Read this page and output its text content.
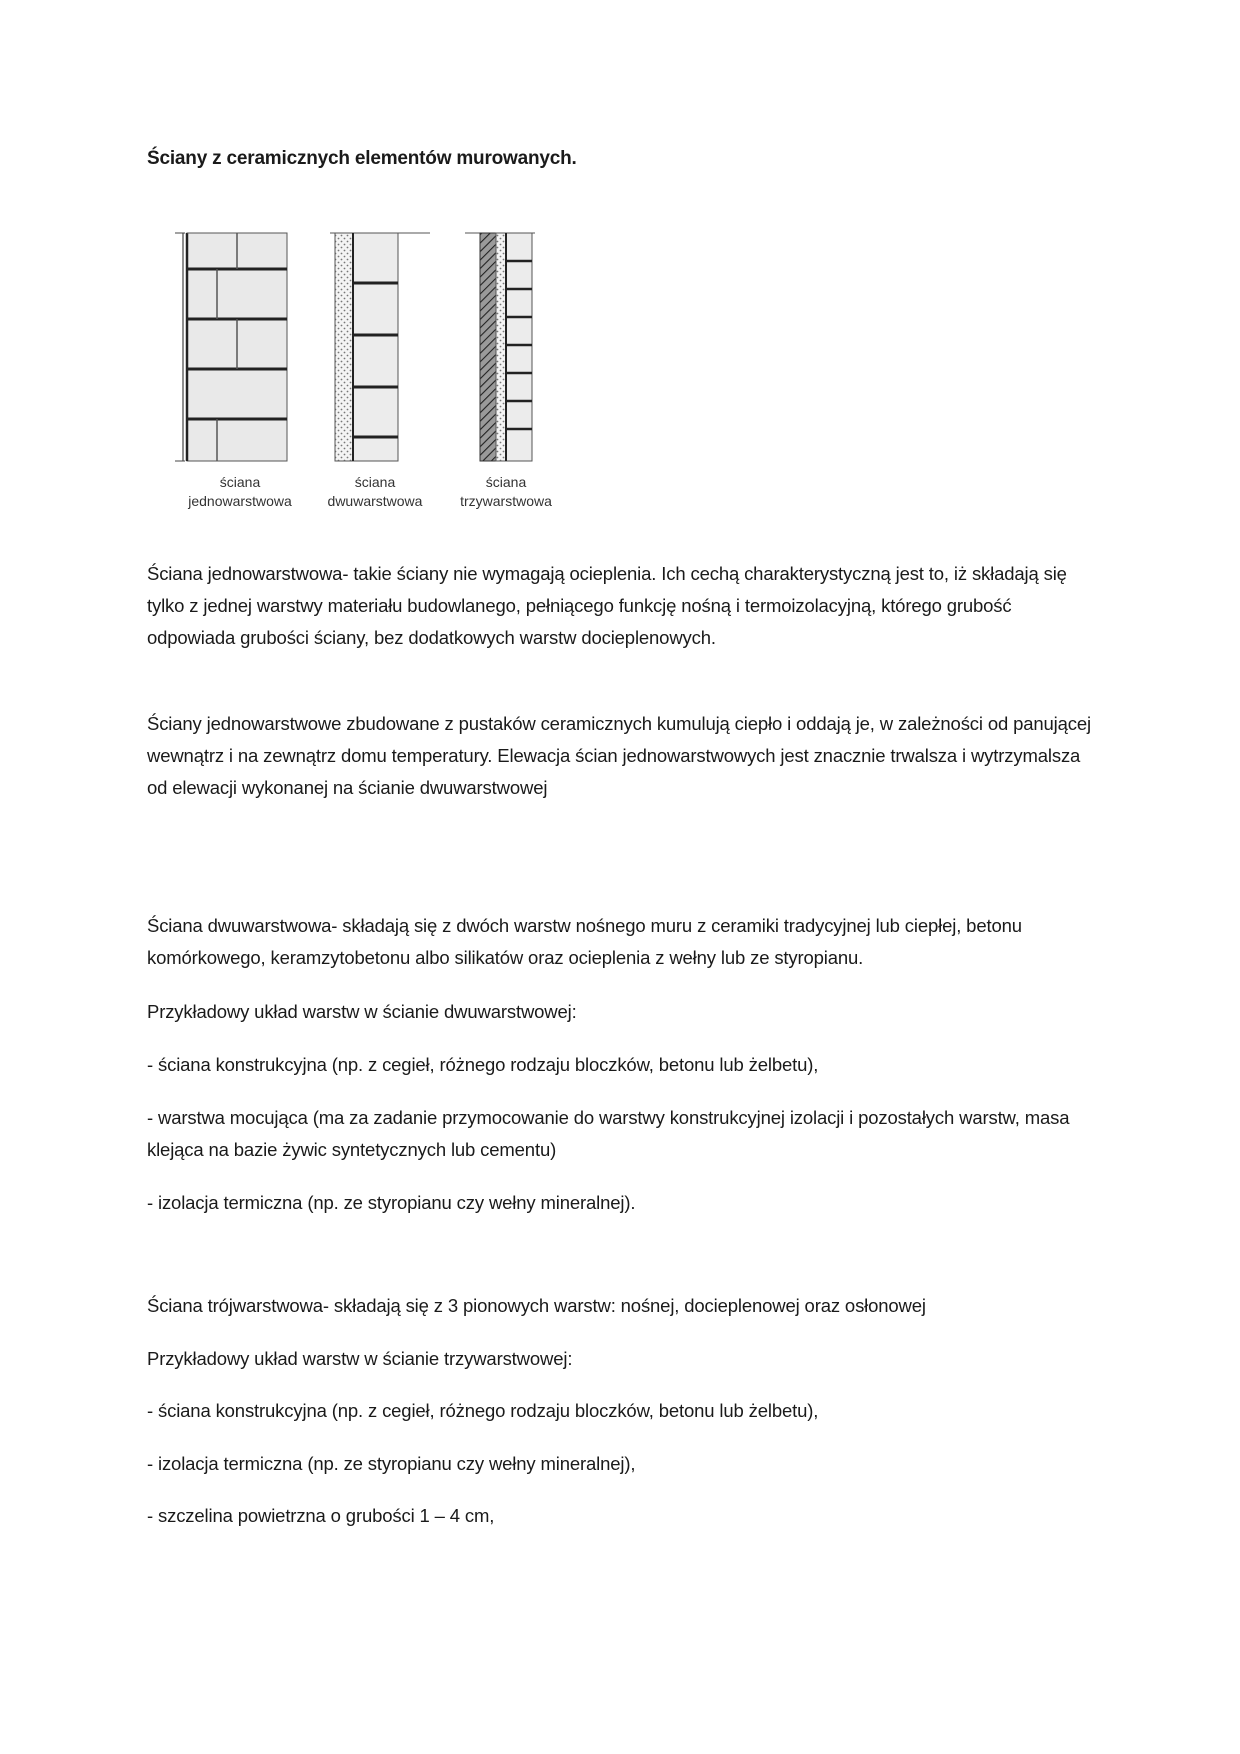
Ściany z ceramicznych elementów murowanych.
ściana
jednowarstwowa
ściana
dwuwarstwowa
ściana
trzywarstwowa

Ściana jednowarstwowa- takie ściany nie wymagają ocieplenia. Ich cechą charakterystyczną jest to, iż składają się tylko z jednej warstwy materiału budowlanego, pełniącego funkcję nośną i termoizolacyjną, którego grubość odpowiada grubości ściany, bez dodatkowych warstw docieplenowych.

Ściany jednowarstwowe zbudowane z pustaków ceramicznych kumulują ciepło i oddają je, w zależności od panującej wewnątrz i na zewnątrz domu temperatury. Elewacja ścian jednowarstwowych jest znacznie trwalsza i wytrzymalsza od elewacji wykonanej na ścianie dwuwarstwowej

Ściana dwuwarstwowa- składają się z dwóch warstw nośnego muru z ceramiki tradycyjnej lub ciepłej, betonu komórkowego, keramzytobetonu albo silikatów oraz ocieplenia z wełny lub ze styropianu.

Przykładowy układ warstw w ścianie dwuwarstwowej:

- ściana konstrukcyjna (np. z cegieł, różnego rodzaju bloczków, betonu lub żelbetu),

- warstwa mocująca (ma za zadanie przymocowanie do warstwy konstrukcyjnej izolacji i pozostałych warstw, masa klejąca na bazie żywic syntetycznych lub cementu)

- izolacja termiczna (np. ze styropianu czy wełny mineralnej).

Ściana trójwarstwowa- składają się z 3 pionowych warstw: nośnej, docieplenowej oraz osłonowej

Przykładowy układ warstw w ścianie trzywarstwowej:

- ściana konstrukcyjna (np. z cegieł, różnego rodzaju bloczków, betonu lub żelbetu),

- izolacja termiczna (np. ze styropianu czy wełny mineralnej),

- szczelina powietrzna o grubości 1 – 4 cm,
